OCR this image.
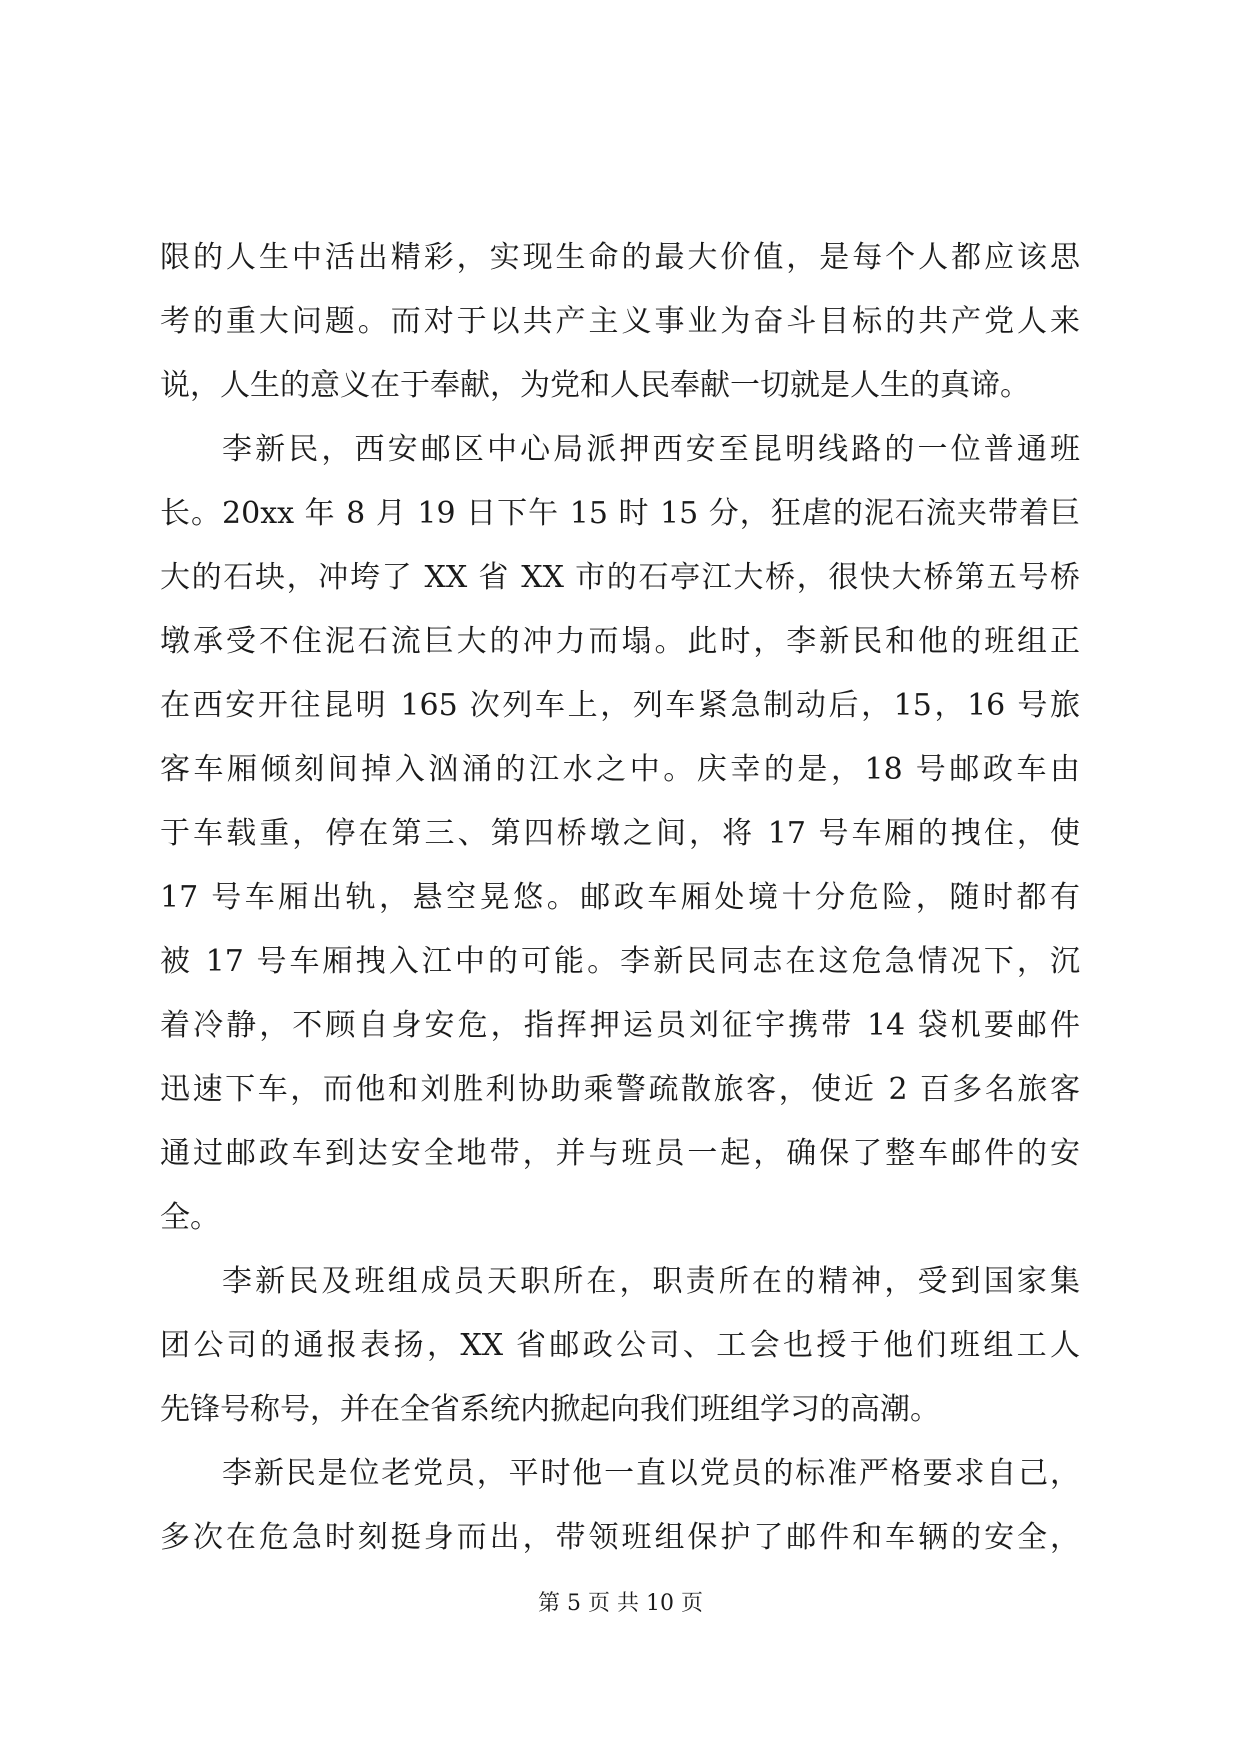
限的人生中活出精彩，实现生命的最大价值，是每个人都应该思
考的重大问题。而对于以共产主义事业为奋斗目标的共产党人来
说，人生的意义在于奉献，为党和人民奉献一切就是人生的真谛。
李新民，西安邮区中心局派押西安至昆明线路的一位普通班
长。20xx 年 8 月 19 日下午 15 时 15 分，狂虐的泥石流夹带着巨
大的石块，冲垮了 XX 省 XX 市的石亭江大桥，很快大桥第五号桥
墩承受不住泥石流巨大的冲力而塌。此时，李新民和他的班组正
在西安开往昆明 165 次列车上，列车紧急制动后，15，16 号旅
客车厢倾刻间掉入汹涌的江水之中。庆幸的是，18 号邮政车由
于车载重，停在第三、第四桥墩之间，将 17 号车厢的拽住，使
17 号车厢出轨，悬空晃悠。邮政车厢处境十分危险，随时都有
被 17 号车厢拽入江中的可能。李新民同志在这危急情况下，沉
着冷静，不顾自身安危，指挥押运员刘征宇携带 14 袋机要邮件
迅速下车，而他和刘胜利协助乘警疏散旅客，使近 2 百多名旅客
通过邮政车到达安全地带，并与班员一起，确保了整车邮件的安
全。
李新民及班组成员天职所在，职责所在的精神，受到国家集
团公司的通报表扬，XX 省邮政公司、工会也授于他们班组工人
先锋号称号，并在全省系统内掀起向我们班组学习的高潮。
李新民是位老党员，平时他一直以党员的标准严格要求自己，
多次在危急时刻挺身而出，带领班组保护了邮件和车辆的安全，
第 5 页 共 10 页
